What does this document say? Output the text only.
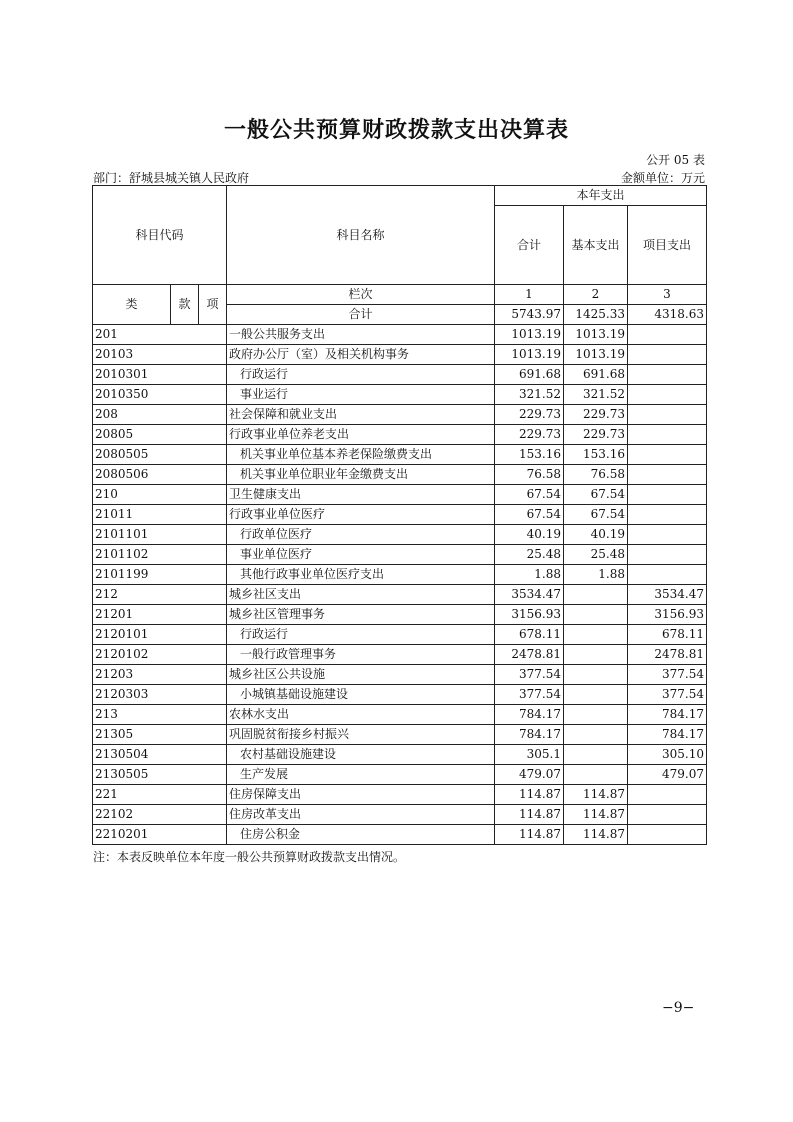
一般公共预算财政拨款支出决算表
公开 05 表
部门：舒城县城关镇人民政府	金额单位：万元
科目代码			科目名称	本年支出		
				合计	基本支出	项目支出

类	款	项	栏次	1	2	3
			合计	5743.97	1425.33	4318.63
201			一般公共服务支出	1013.19	1013.19	
20103			政府办公厅（室）及相关机构事务	1013.19	1013.19	
2010301			行政运行	691.68	691.68	
2010350			事业运行	321.52	321.52	
208			社会保障和就业支出	229.73	229.73	
20805			行政事业单位养老支出	229.73	229.73	
2080505			机关事业单位基本养老保险缴费支出	153.16	153.16	
2080506			机关事业单位职业年金缴费支出	76.58	76.58	
210			卫生健康支出	67.54	67.54	
21011			行政事业单位医疗	67.54	67.54	
2101101			行政单位医疗	40.19	40.19	
2101102			事业单位医疗	25.48	25.48	
2101199			其他行政事业单位医疗支出	1.88	1.88	
212			城乡社区支出	3534.47		3534.47
21201			城乡社区管理事务	3156.93		3156.93
2120101			行政运行	678.11		678.11
2120102			一般行政管理事务	2478.81		2478.81
21203			城乡社区公共设施	377.54		377.54
2120303			小城镇基础设施建设	377.54		377.54
213			农林水支出	784.17		784.17
21305			巩固脱贫衔接乡村振兴	784.17		784.17
2130504			农村基础设施建设	305.1		305.10
2130505			生产发展	479.07		479.07
221			住房保障支出	114.87	114.87	
22102			住房改革支出	114.87	114.87	
2210201			住房公积金	114.87	114.87	
注：本表反映单位本年度一般公共预算财政拨款支出情况。
−9−
